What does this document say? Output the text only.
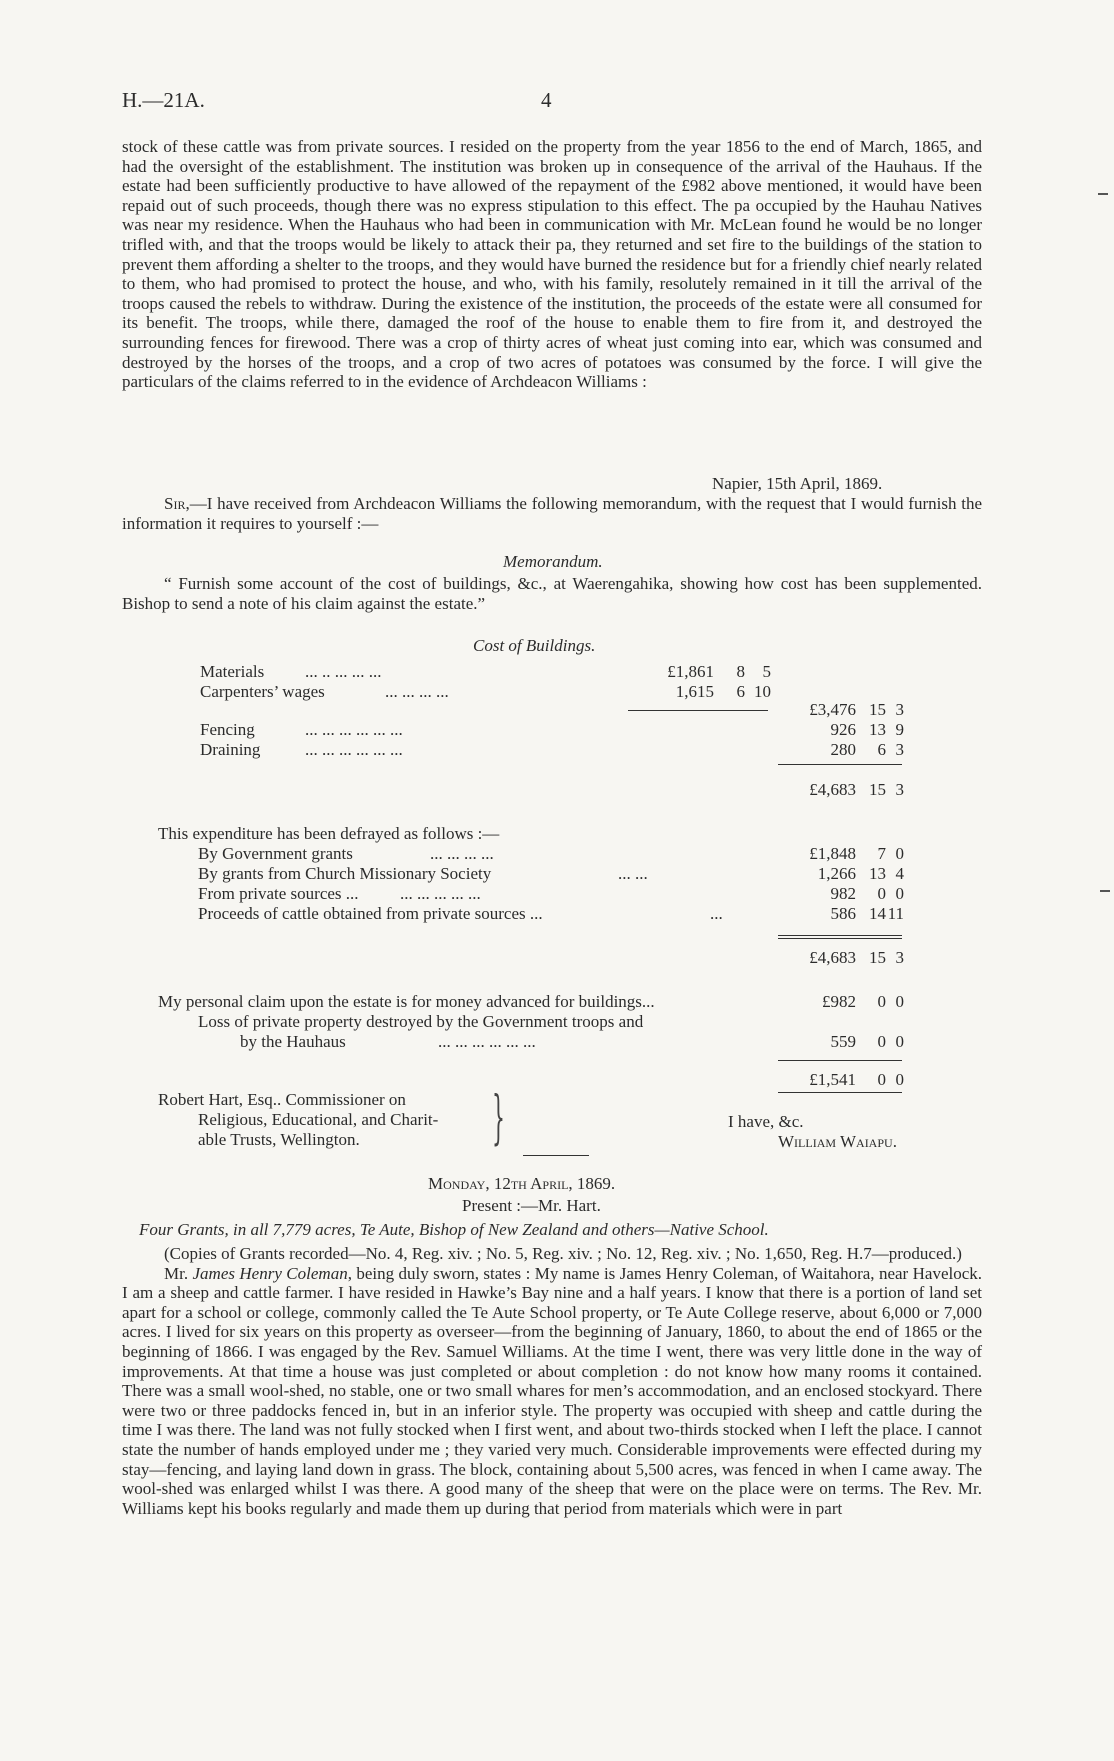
H.—21A.	4

stock of these cattle was from private sources. I resided on the property from the year 1856 to the end of March, 1865, and had the oversight of the establishment. The institution was broken up in consequence of the arrival of the Hauhaus. If the estate had been sufficiently productive to have allowed of the repayment of the £982 above mentioned, it would have been repaid out of such proceeds, though there was no express stipulation to this effect. The pa occupied by the Hauhau Natives was near my residence. When the Hauhaus who had been in communication with Mr. McLean found he would be no longer trifled with, and that the troops would be likely to attack their pa, they returned and set fire to the buildings of the station to prevent them affording a shelter to the troops, and they would have burned the residence but for a friendly chief nearly related to them, who had promised to protect the house, and who, with his family, resolutely remained in it till the arrival of the troops caused the rebels to withdraw. During the existence of the institution, the proceeds of the estate were all consumed for its benefit. The troops, while there, damaged the roof of the house to enable them to fire from it, and destroyed the surrounding fences for firewood. There was a crop of thirty acres of wheat just coming into ear, which was consumed and destroyed by the horses of the troops, and a crop of two acres of potatoes was consumed by the force. I will give the particulars of the claims referred to in the evidence of Archdeacon Williams :

Napier, 15th April, 1869.

Sir,—I have received from Archdeacon Williams the following memorandum, with the request that I would furnish the information it requires to yourself :—

Memorandum.

“ Furnish some account of the cost of buildings, &c., at Waerengahika, showing how cost has been supplemented. Bishop to send a note of his claim against the estate.”

Cost of Buildings.
Materials ... .. ... ... ...	£1,861 8 5
Carpenters’ wages	... ... ... ...	1,615 6 10
£3,476 15 3
Fencing	... ... ... ... ... ...	926 13 9
Draining	... ... ... ... ... ...	280 6 3
£4,683 15 3
This expenditure has been defrayed as follows :—
By Government grants	... ... ... ...	£1,848 7 0
By grants from Church Missionary Society	... ...	1,266 13 4
From private sources ... ... ... ... ... ...	982 0 0
Proceeds of cattle obtained from private sources ...	...	586 14 11
£4,683 15 3
My personal claim upon the estate is for money advanced for buildings...	£982 0 0
Loss of private property destroyed by the Government troops and
by the Hauhaus	... ... ... ... ... ...	559 0 0
£1,541 0 0
Robert Hart, Esq.. Commissioner on
Religious, Educational, and Charit-
able Trusts, Wellington. }	I have, &c.
William Waiapu.
Monday, 12th April, 1869.
Present :—Mr. Hart.
Four Grants, in all 7,779 acres, Te Aute, Bishop of New Zealand and others—Native School.

(Copies of Grants recorded—No. 4, Reg. xiv. ; No. 5, Reg. xiv. ; No. 12, Reg. xiv. ; No. 1,650, Reg. H.7—produced.)

Mr. James Henry Coleman, being duly sworn, states : My name is James Henry Coleman, of Waitahora, near Havelock. I am a sheep and cattle farmer. I have resided in Hawke’s Bay nine and a half years. I know that there is a portion of land set apart for a school or college, commonly called the Te Aute School property, or Te Aute College reserve, about 6,000 or 7,000 acres. I lived for six years on this property as overseer—from the beginning of January, 1860, to about the end of 1865 or the beginning of 1866. I was engaged by the Rev. Samuel Williams. At the time I went, there was very little done in the way of improvements. At that time a house was just completed or about completion : do not know how many rooms it contained. There was a small wool-shed, no stable, one or two small whares for men’s accommodation, and an enclosed stockyard. There were two or three paddocks fenced in, but in an inferior style. The property was occupied with sheep and cattle during the time I was there. The land was not fully stocked when I first went, and about two-thirds stocked when I left the place. I cannot state the number of hands employed under me ; they varied very much. Considerable improvements were effected during my stay—fencing, and laying land down in grass. The block, containing about 5,500 acres, was fenced in when I came away. The wool-shed was enlarged whilst I was there. A good many of the sheep that were on the place were on terms. The Rev. Mr. Williams kept his books regularly and made them up during that period from materials which were in part
